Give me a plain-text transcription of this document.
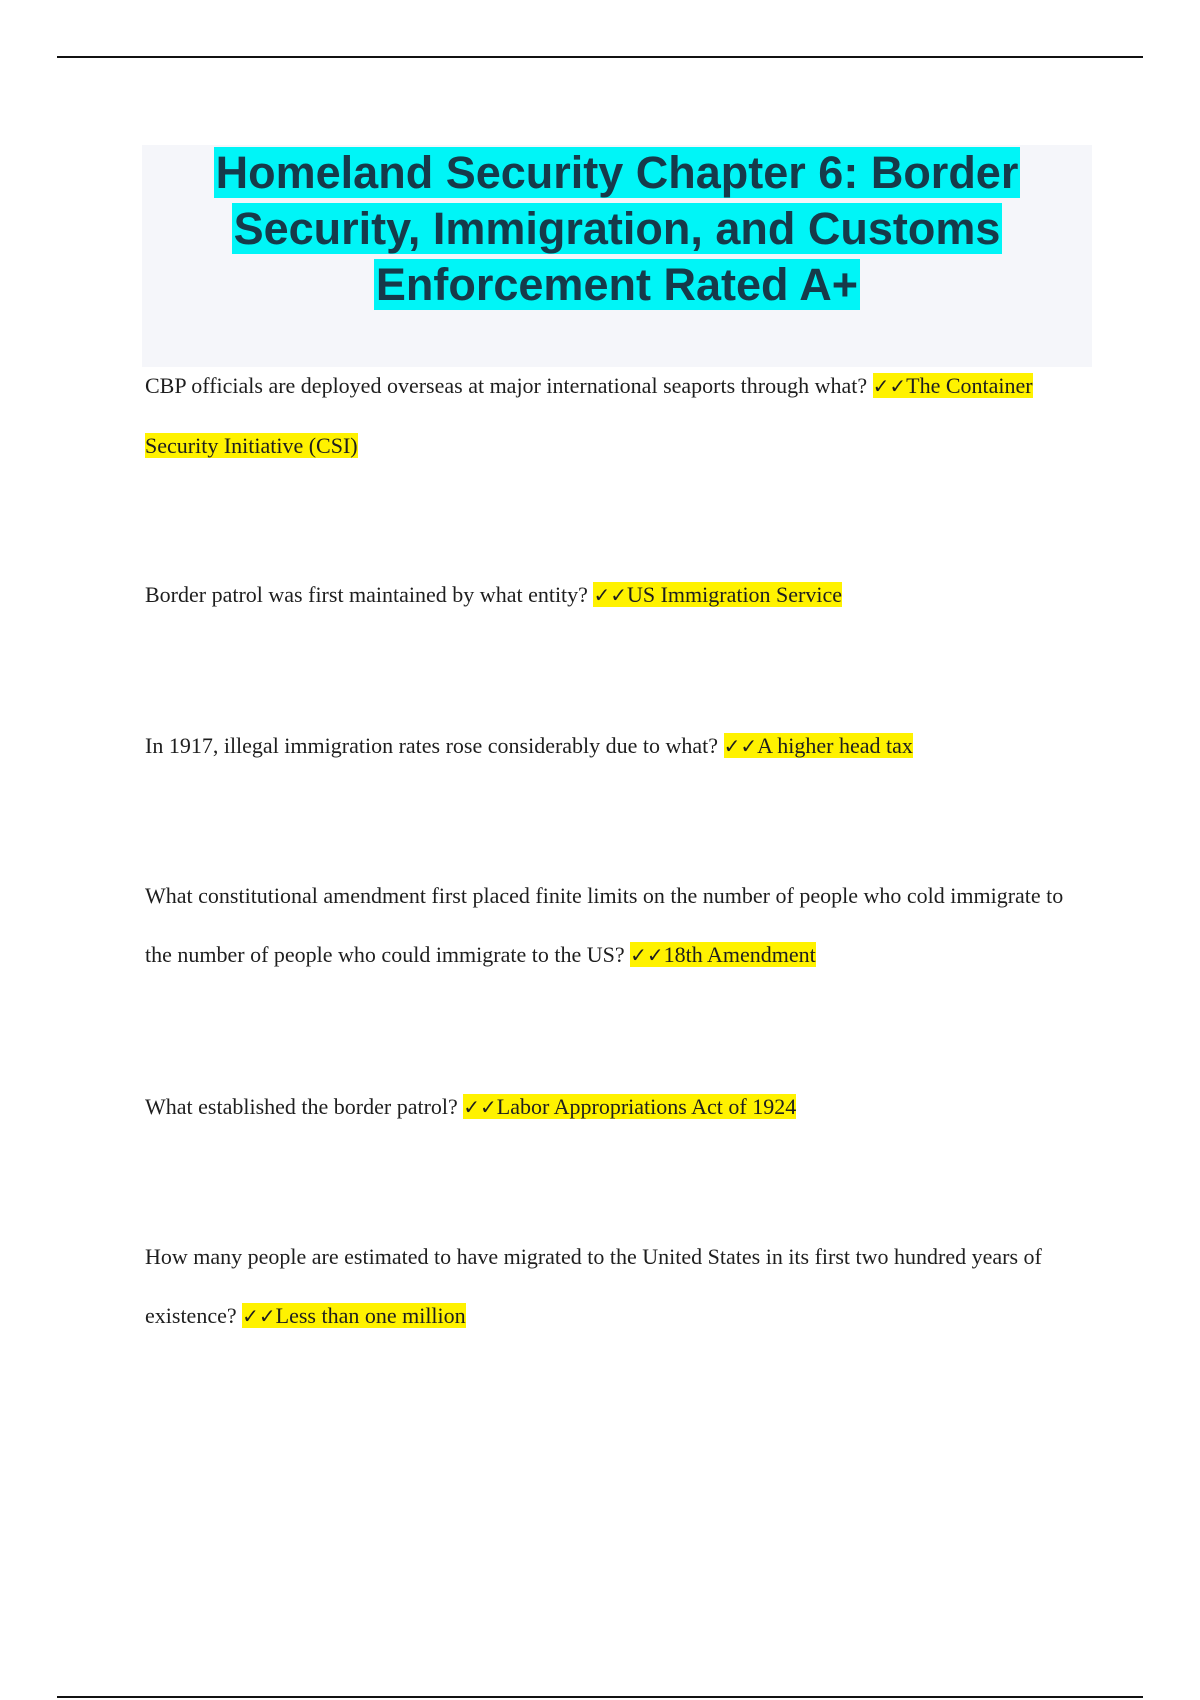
Homeland Security Chapter 6: Border Security, Immigration, and Customs Enforcement Rated A+

CBP officials are deployed overseas at major international seaports through what? ✓✓The Container Security Initiative (CSI)

Border patrol was first maintained by what entity? ✓✓US Immigration Service

In 1917, illegal immigration rates rose considerably due to what? ✓✓A higher head tax

What constitutional amendment first placed finite limits on the number of people who cold immigrate to the number of people who could immigrate to the US? ✓✓18th Amendment

What established the border patrol? ✓✓Labor Appropriations Act of 1924

How many people are estimated to have migrated to the United States in its first two hundred years of existence? ✓✓Less than one million
